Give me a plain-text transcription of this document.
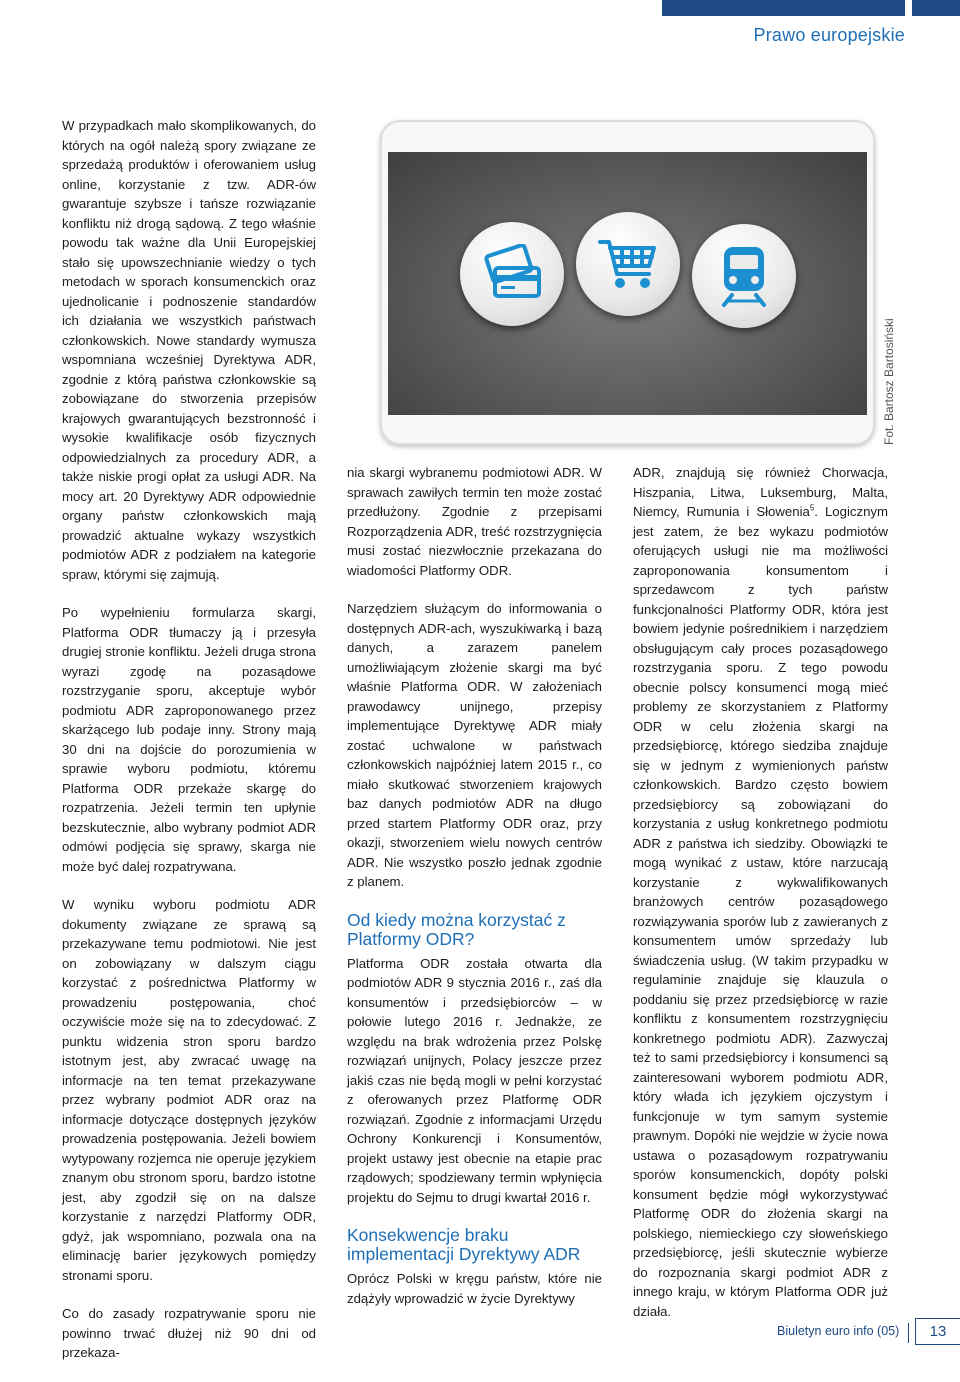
Prawo europejskie

W przypadkach mało skomplikowanych, do których na ogół należą spory związane ze sprzedażą produktów i oferowaniem usług online, korzystanie z tzw. ADR-ów gwarantuje szybsze i tańsze rozwiązanie konfliktu niż drogą sądową. Z tego właśnie powodu tak ważne dla Unii Europejskiej stało się upowszechnianie wiedzy o tych metodach w sporach konsumenckich oraz ujednolicanie i podnoszenie standardów ich działania we wszystkich państwach członkowskich. Nowe standardy wymusza wspomniana wcześniej Dyrektywa ADR, zgodnie z którą państwa członkowskie są zobowiązane do stworzenia przepisów krajowych gwarantujących bezstronność i wysokie kwalifikacje osób fizycznych odpowiedzialnych za procedury ADR, a także niskie progi opłat za usługi ADR. Na mocy art. 20 Dyrektywy ADR odpowiednie organy państw członkowskich mają prowadzić aktualne wykazy wszystkich podmiotów ADR z podziałem na kategorie spraw, którymi się zajmują.

Po wypełnieniu formularza skargi, Platforma ODR tłumaczy ją i przesyła drugiej stronie konfliktu. Jeżeli druga strona wyrazi zgodę na pozasądowe rozstrzyganie sporu, akceptuje wybór podmiotu ADR zaproponowanego przez skarżącego lub podaje inny. Strony mają 30 dni na dojście do porozumienia w sprawie wyboru podmiotu, któremu Platforma ODR przekaże skargę do rozpatrzenia. Jeżeli termin ten upłynie bezskutecznie, albo wybrany podmiot ADR odmówi podjęcia się sprawy, skarga nie może być dalej rozpatrywana.

W wyniku wyboru podmiotu ADR dokumenty związane ze sprawą są przekazywane temu podmiotowi. Nie jest on zobowiązany w dalszym ciągu korzystać z pośrednictwa Platformy w prowadzeniu postępowania, choć oczywiście może się na to zdecydować. Z punktu widzenia stron sporu bardzo istotnym jest, aby zwracać uwagę na informacje na ten temat przekazywane przez wybrany podmiot ADR oraz na informacje dotyczące dostępnych języków prowadzenia postępowania. Jeżeli bowiem wytypowany rozjemca nie operuje językiem znanym obu stronom sporu, bardzo istotne jest, aby zgodził się on na dalsze korzystanie z narzędzi Platformy ODR, gdyż, jak wspomniano, pozwala ona na eliminację barier językowych pomiędzy stronami sporu.

Co do zasady rozpatrywanie sporu nie powinno trwać dłużej niż 90 dni od przekaza-

Fot. Bartosz Bartosiński

nia skargi wybranemu podmiotowi ADR. W sprawach zawiłych termin ten może zostać przedłużony. Zgodnie z przepisami Rozporządzenia ADR, treść rozstrzygnięcia musi zostać niezwłocznie przekazana do wiadomości Platformy ODR.

Narzędziem służącym do informowania o dostępnych ADR-ach, wyszukiwarką i bazą danych, a zarazem panelem umożliwiającym złożenie skargi ma być właśnie Platforma ODR. W założeniach prawodawcy unijnego, przepisy implementujące Dyrektywę ADR miały zostać uchwalone w państwach członkowskich najpóźniej latem 2015 r., co miało skutkować stworzeniem krajowych baz danych podmiotów ADR na długo przed startem Platformy ODR oraz, przy okazji, stworzeniem wielu nowych centrów ADR. Nie wszystko poszło jednak zgodnie z planem.

Od kiedy można korzystać z Platformy ODR?

Platforma ODR została otwarta dla podmiotów ADR 9 stycznia 2016 r., zaś dla konsumentów i przedsiębiorców – w połowie lutego 2016 r. Jednakże, ze względu na brak wdrożenia przez Polskę rozwiązań unijnych, Polacy jeszcze przez jakiś czas nie będą mogli w pełni korzystać z oferowanych przez Platformę ODR rozwiązań. Zgodnie z informacjami Urzędu Ochrony Konkurencji i Konsumentów, projekt ustawy jest obecnie na etapie prac rządowych; spodziewany termin wpłynięcia projektu do Sejmu to drugi kwartał 2016 r.

Konsekwencje braku implementacji Dyrektywy ADR

Oprócz Polski w kręgu państw, które nie zdążyły wprowadzić w życie Dyrektywy

ADR, znajdują się również Chorwacja, Hiszpania, Litwa, Luksemburg, Malta, Niemcy, Rumunia i Słowenia$^5$. Logicznym jest zatem, że bez wykazu podmiotów oferujących usługi nie ma możliwości zaproponowania konsumentom i sprzedawcom z tych państw funkcjonalności Platformy ODR, która jest bowiem jedynie pośrednikiem i narzędziem obsługującym cały proces pozasądowego rozstrzygania sporu. Z tego powodu obecnie polscy konsumenci mogą mieć problemy ze skorzystaniem z Platformy ODR w celu złożenia skargi na przedsiębiorcę, którego siedziba znajduje się w jednym z wymienionych państw członkowskich. Bardzo często bowiem przedsiębiorcy są zobowiązani do korzystania z usług konkretnego podmiotu ADR z państwa ich siedziby. Obowiązki te mogą wynikać z ustaw, które narzucają korzystanie z wykwalifikowanych branżowych centrów pozasądowego rozwiązywania sporów lub z zawieranych z konsumentem umów sprzedaży lub świadczenia usług. (W takim przypadku w regulaminie znajduje się klauzula o poddaniu się przez przedsiębiorcę w razie konfliktu z konsumentem rozstrzygnięciu konkretnego podmiotu ADR). Zazwyczaj też to sami przedsiębiorcy i konsumenci są zainteresowani wyborem podmiotu ADR, który włada ich językiem ojczystym i funkcjonuje w tym samym systemie prawnym. Dopóki nie wejdzie w życie nowa ustawa o pozasądowym rozpatrywaniu sporów konsumenckich, dopóty polski konsument będzie mógł wykorzystywać Platformę ODR do złożenia skargi na polskiego, niemieckiego czy słoweńskiego przedsiębiorcę, jeśli skutecznie wybierze do rozpoznania skargi podmiot ADR z innego kraju, w którym Platforma ODR już działa.

Biuletyn euro info (05)	13
